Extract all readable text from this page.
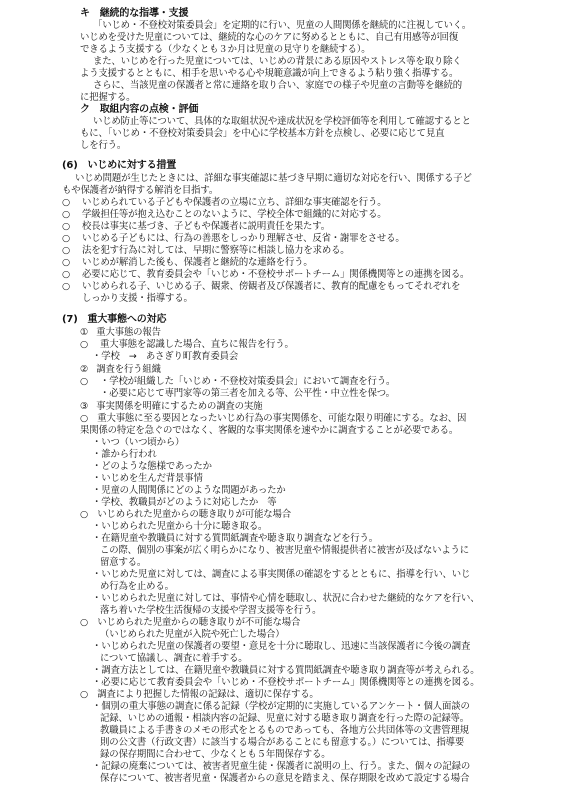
キ　継続的な指導・支援
「いじめ・不登校対策委員会」を定期的に行い、児童の人間関係を継続的に注視していく。
いじめを受けた児童については、継続的な心のケアに努めるとともに、自己有用感等が回復
できるよう支援する（少なくとも３か月は児童の見守りを継続する）。
また、いじめを行った児童については、いじめの背景にある原因やストレス等を取り除く
よう支援するとともに、相手を思いやる心や規範意識が向上できるよう粘り強く指導する。
さらに、当該児童の保護者と常に連絡を取り合い、家庭での様子や児童の言動等を継続的
に把握する。
ク　取組内容の点検・評価
いじめ防止等について、具体的な取組状況や達成状況を学校評価等を利用して確認するとと
もに、「いじめ・不登校対策委員会」を中心に学校基本方針を点検し、必要に応じて見直
しを行う。
(6)　いじめに対する措置
いじめ問題が生じたときには、詳細な事実確認に基づき早期に適切な対応を行い、関係する子ど
もや保護者が納得する解消を目指す。
○ いじめられている子どもや保護者の立場に立ち、詳細な事実確認を行う。
○ 学級担任等が抱え込むことのないように、学校全体で組織的に対応する。
○ 校長は事実に基づき、子どもや保護者に説明責任を果たす。
○ いじめる子どもには、行為の善悪をしっかり理解させ、反省・謝罪をさせる。
○ 法を犯す行為に対しては、早期に警察等に相談し協力を求める。
○ いじめが解消した後も、保護者と継続的な連絡を行う。
○ 必要に応じて、教育委員会や「いじめ・不登校サポートチーム」関係機関等との連携を図る。
○ いじめられる子、いじめる子、観衆、傍観者及び保護者に、教育的配慮をもってそれぞれを
しっかり支援・指導する。
(7)　重大事態への対応
① 重大事態の報告
○ 重大事態を認識した場合、直ちに報告を行う。
・学校　→　あさぎり町教育委員会
② 調査を行う組織
○ ・学校が組織した「いじめ・不登校対策委員会」において調査を行う。
・必要に応じて専門家等の第三者を加える等、公平性・中立性を保つ。
③ 事実関係を明確にするための調査の実施
○　重大事態に至る要因となったいじめ行為の事実関係を、可能な限り明確にする。なお、因
果関係の特定を急ぐのではなく、客観的な事実関係を速やかに調査することが必要である。
・いつ（いつ頃から）
・誰から行われ
・どのような態様であったか
・いじめを生んだ背景事情
・児童の人間関係にどのような問題があったか
・学校、教職員がどのように対応したか　等
○　いじめられた児童からの聴き取りが可能な場合
・いじめられた児童から十分に聴き取る。
・在籍児童や教職員に対する質問紙調査や聴き取り調査などを行う。
この際、個別の事案が広く明らかになり、被害児童や情報提供者に被害が及ばないように
留意する。
・いじめた児童に対しては、調査による事実関係の確認をするとともに、指導を行い、いじ
め行為を止める。
・いじめられた児童に対しては、事情や心情を聴取し、状況に合わせた継続的なケアを行い、
落ち着いた学校生活復帰の支援や学習支援等を行う。
○　いじめられた児童からの聴き取りが不可能な場合
（いじめられた児童が入院や死亡した場合）
・いじめられた児童の保護者の要望・意見を十分に聴取し、迅速に当該保護者に今後の調査
について協議し、調査に着手する。
・調査方法としては、在籍児童や教職員に対する質問紙調査や聴き取り調査等が考えられる。
・必要に応じて教育委員会や「いじめ・不登校サポートチーム」関係機関等との連携を図る。
○　調査により把握した情報の記録は、適切に保存する。
・個別の重大事態の調査に係る記録（学校が定期的に実施しているアンケート・個人面談の
記録、いじめの通報・相談内容の記録、児童に対する聴き取り調査を行った際の記録等。
教職員による手書きのメモの形式をとるものであっても、各地方公共団体等の文書管理規
則の公文書（行政文書）に該当する場合があることにも留意する。）については、指導要
録の保存期間に合わせて、少なくとも５年間保存する。
・記録の廃棄については、被害者児童生徒・保護者に説明の上、行う。また、個々の記録の
保存について、被害者児童・保護者からの意見を踏まえ、保存期限を改めて設定する場合
